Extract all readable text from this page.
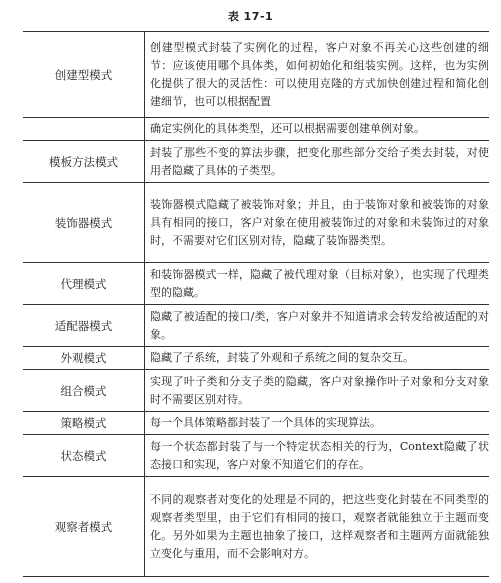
表 17-1
创建型模式	创建型模式封装了实例化的过程，客户对象不再关心这些创建的细节：应该使用哪个具体类，如何初始化和组装实例。这样，也为实例化提供了很大的灵活性：可以使用克隆的方式加快创建过程和简化创建细节，也可以根据配置

	确定实例化的具体类型，还可以根据需要创建单例对象。

模板方法模式	封装了那些不变的算法步骤，把变化那些部分交给子类去封装，对使用者隐藏了具体的子类型。

装饰器模式	装饰器模式隐藏了被装饰对象；并且，由于装饰对象和被装饰的对象具有相同的接口，客户对象在使用被装饰过的对象和未装饰过的对象时，不需要对它们区别对待，隐藏了装饰器类型。

代理模式	和装饰器模式一样，隐藏了被代理对象（目标对象），也实现了代理类型的隐藏。

适配器模式	隐藏了被适配的接口/类，客户对象并不知道请求会转发给被适配的对象。

外观模式	隐藏了子系统，封装了外观和子系统之间的复杂交互。

组合模式	实现了叶子类和分支子类的隐藏，客户对象操作叶子对象和分支对象时不需要区别对待。

策略模式	每一个具体策略都封装了一个具体的实现算法。

状态模式	每一个状态都封装了与一个特定状态相关的行为，Context隐藏了状态接口和实现，客户对象不知道它们的存在。

观察者模式	不同的观察者对变化的处理是不同的，把这些变化封装在不同类型的观察者类型里，由于它们有相同的接口，观察者就能独立于主题而变化。另外如果为主题也抽象了接口，这样观察者和主题两方面就能独立变化与重用，而不会影响对方。
